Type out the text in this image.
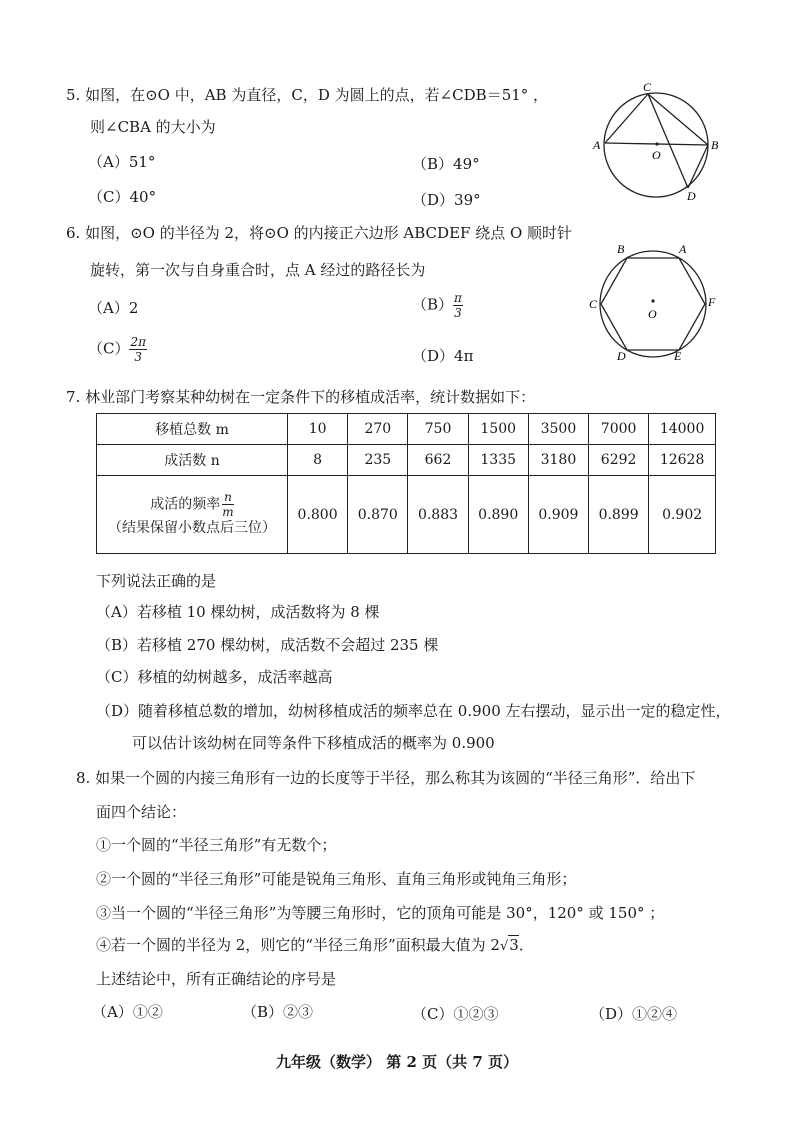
5. 如图，在⊙O 中，AB 为直径，C，D 为圆上的点，若∠CDB＝51° ，
则∠CBA 的大小为
（A）51°	（B）49°
（C）40°	（D）39°
C
A	B
O
D
6. 如图，⊙O 的半径为 2，将⊙O 的内接正六边形 ABCDEF 绕点 O 顺时针
旋转，第一次与自身重合时，点 A 经过的路径长为
（A）2	$(B) \frac{\pi}{3}$
$(C) \frac{2\pi}{3}$	（D）4π
B	A
C	F
O
D	E
7. 林业部门考察某种幼树在一定条件下的移植成活率，统计数据如下：
移植总数 m	10	270	750	1500	3500	7000	14000
成活数 n	8	235	662	1335	3180	6292	12628

成活的频率 $\frac{n}{m}$
（结果保留小数点后三位）	0.800	0.870	0.883	0.890	0.909	0.899	0.902
下列说法正确的是
（A）若移植 10 棵幼树，成活数将为 8 棵
（B）若移植 270 棵幼树，成活数不会超过 235 棵
（C）移植的幼树越多，成活率越高
（D）随着移植总数的增加，幼树移植成活的频率总在 0.900 左右摆动，显示出一定的稳定性，
可以估计该幼树在同等条件下移植成活的概率为 0.900
8. 如果一个圆的内接三角形有一边的长度等于半径，那么称其为该圆的“半径三角形”．给出下
面四个结论：
①一个圆的“半径三角形”有无数个；
②一个圆的“半径三角形”可能是锐角三角形、直角三角形或钝角三角形；
③当一个圆的“半径三角形”为等腰三角形时，它的顶角可能是 30°，120° 或 150° ；
④若一个圆的半径为 2，则它的“半径三角形”面积最大值为 2√3．
上述结论中，所有正确结论的序号是
（A）①②	（B）②③	（C）①②③	（D）①②④
九年级（数学） 第 2 页（共 7 页）
